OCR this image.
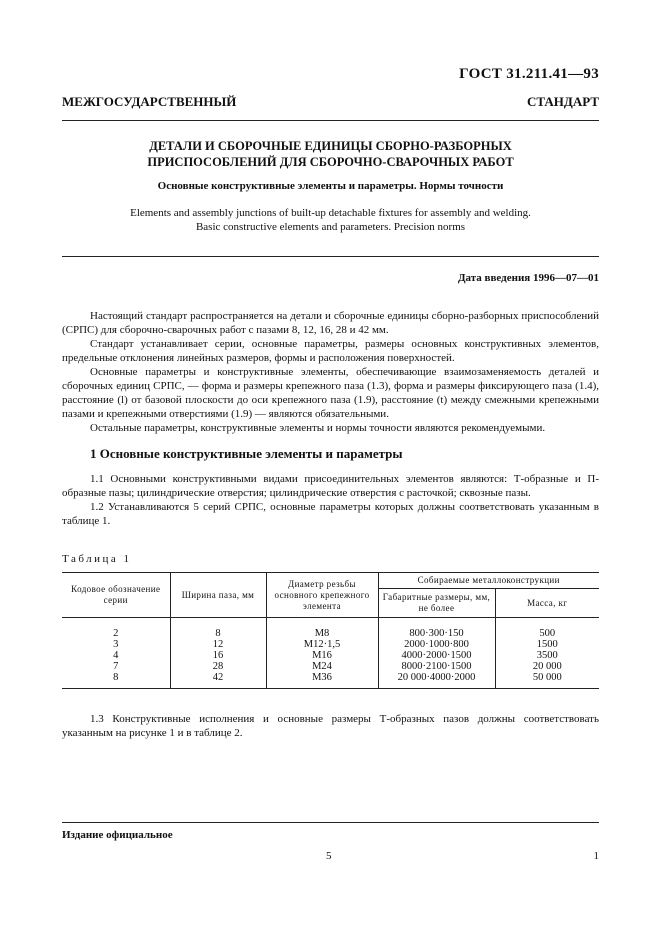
ГОСТ 31.211.41—93
МЕЖГОСУДАРСТВЕННЫЙ СТАНДАРТ
ДЕТАЛИ И СБОРОЧНЫЕ ЕДИНИЦЫ СБОРНО-РАЗБОРНЫХ
ПРИСПОСОБЛЕНИЙ ДЛЯ СБОРОЧНО-СВАРОЧНЫХ РАБОТ
Основные конструктивные элементы и параметры. Нормы точности
Elements and assembly junctions of built-up detachable fixtures for assembly and welding.
Basic constructive elements and parameters. Precision norms
Дата введения 1996—07—01

Настоящий стандарт распространяется на детали и сборочные единицы сборно-разборных приспособлений (СРПС) для сборочно-сварочных работ с пазами 8, 12, 16, 28 и 42 мм.

Стандарт устанавливает серии, основные параметры, размеры основных конструктивных элементов, предельные отклонения линейных размеров, формы и расположения поверхностей.

Основные параметры и конструктивные элементы, обеспечивающие взаимозаменяемость деталей и сборочных единиц СРПС, — форма и размеры крепежного паза (1.3), форма и размеры фиксирующего паза (1.4), расстояние (l) от базовой плоскости до оси крепежного паза (1.9), расстояние (t) между смежными крепежными пазами и крепежными отверстиями (1.9) — являются обязательными.

Остальные параметры, конструктивные элементы и нормы точности являются рекомендуемыми.

1 Основные конструктивные элементы и параметры

1.1 Основными конструктивными видами присоединительных элементов являются: Т-образные и П-образные пазы; цилиндрические отверстия; цилиндрические отверстия с расточкой; сквозные пазы.

1.2 Устанавливаются 5 серий СРПС, основные параметры которых должны соответствовать указанным в таблице 1.

Таблица 1
Кодовое обозначение серии	Ширина паза, мм	Диаметр резьбы основного крепежного элемента	Собираемые металлоконструкции	
			Габаритные размеры, мм, не более	Масса, кг
2	8	M8	800·300·150	500
3	12	M12·1,5	2000·1000·800	1500
4	16	M16	4000·2000·1500	3500
7	28	M24	8000·2100·1500	20 000
8	42	M36	20 000·4000·2000	50 000

1.3 Конструктивные исполнения и основные размеры Т-образных пазов должны соответствовать указанным на рисунке 1 и в таблице 2.

Издание официальное
5	1
